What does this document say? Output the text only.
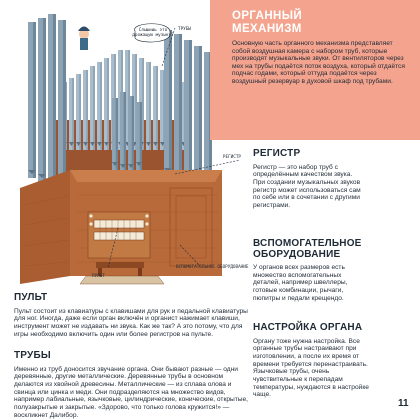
Слышишь это
дрожащую музыку?
ТРУБЫ
РЕГИСТР
ПУЛЬТ
ВСПОМОГАТЕЛЬНОЕ ОБОРУДОВАНИЕ
ОРГАННЫЙ
МЕХАНИЗМ
Основную часть органного механизма представляет собой воздушная камера с набором труб, которые производят музыкальные звуки. От вентиляторов через мех на трубы подаётся поток воздуха, который отдаётся подчас годами, который оттуда подаётся через воздушный резервуар в духовой шкаф под трубами.
РЕГИСТР
Регистр — это набор труб с определённым качеством звука. При создании музыкальных звуков регистр может использоваться сам по себе или в сочетании с другими регистрами.
ВСПОМОГАТЕЛЬНОЕ
ОБОРУДОВАНИЕ
У органов всех размеров есть множество вспомогательных деталей, например швеллеры, готовые комбинации, рычаги, пюпитры и педали крещендо.
НАСТРОЙКА ОРГАНА
Органу тоже нужна настройка. Все органные трубы настраивают при изготовлении, а после их время от времени требуется перенастраивать. Язычковые трубы, очень чувствительные к перепадам температуры, нуждаются в настройке чаще.
ПУЛЬТ
Пульт состоит из клавиатуры с клавишами для рук и педальной клавиатуры для ног. Иногда, даже если орган включён и органист нажимает клавиши, инструмент может не издавать ни звука. Как же так? А это потому, что для игры необходимо включить один или более регистров на пульте.
ТРУБЫ
Именно из труб доносится звучание органа. Они бывают разные — одни деревянные, другие металлические. Деревянные трубы в основном делаются из хвойной древесины. Металлические — из сплава олова и свинца или цинка и меди. Они подразделяются на множество видов, например лабиальные, язычковые, цилиндрические, конические, открытые, полузакрытые и закрытые. «Здорово, что только голова кружится!» — воскликнет Далибор.
11
